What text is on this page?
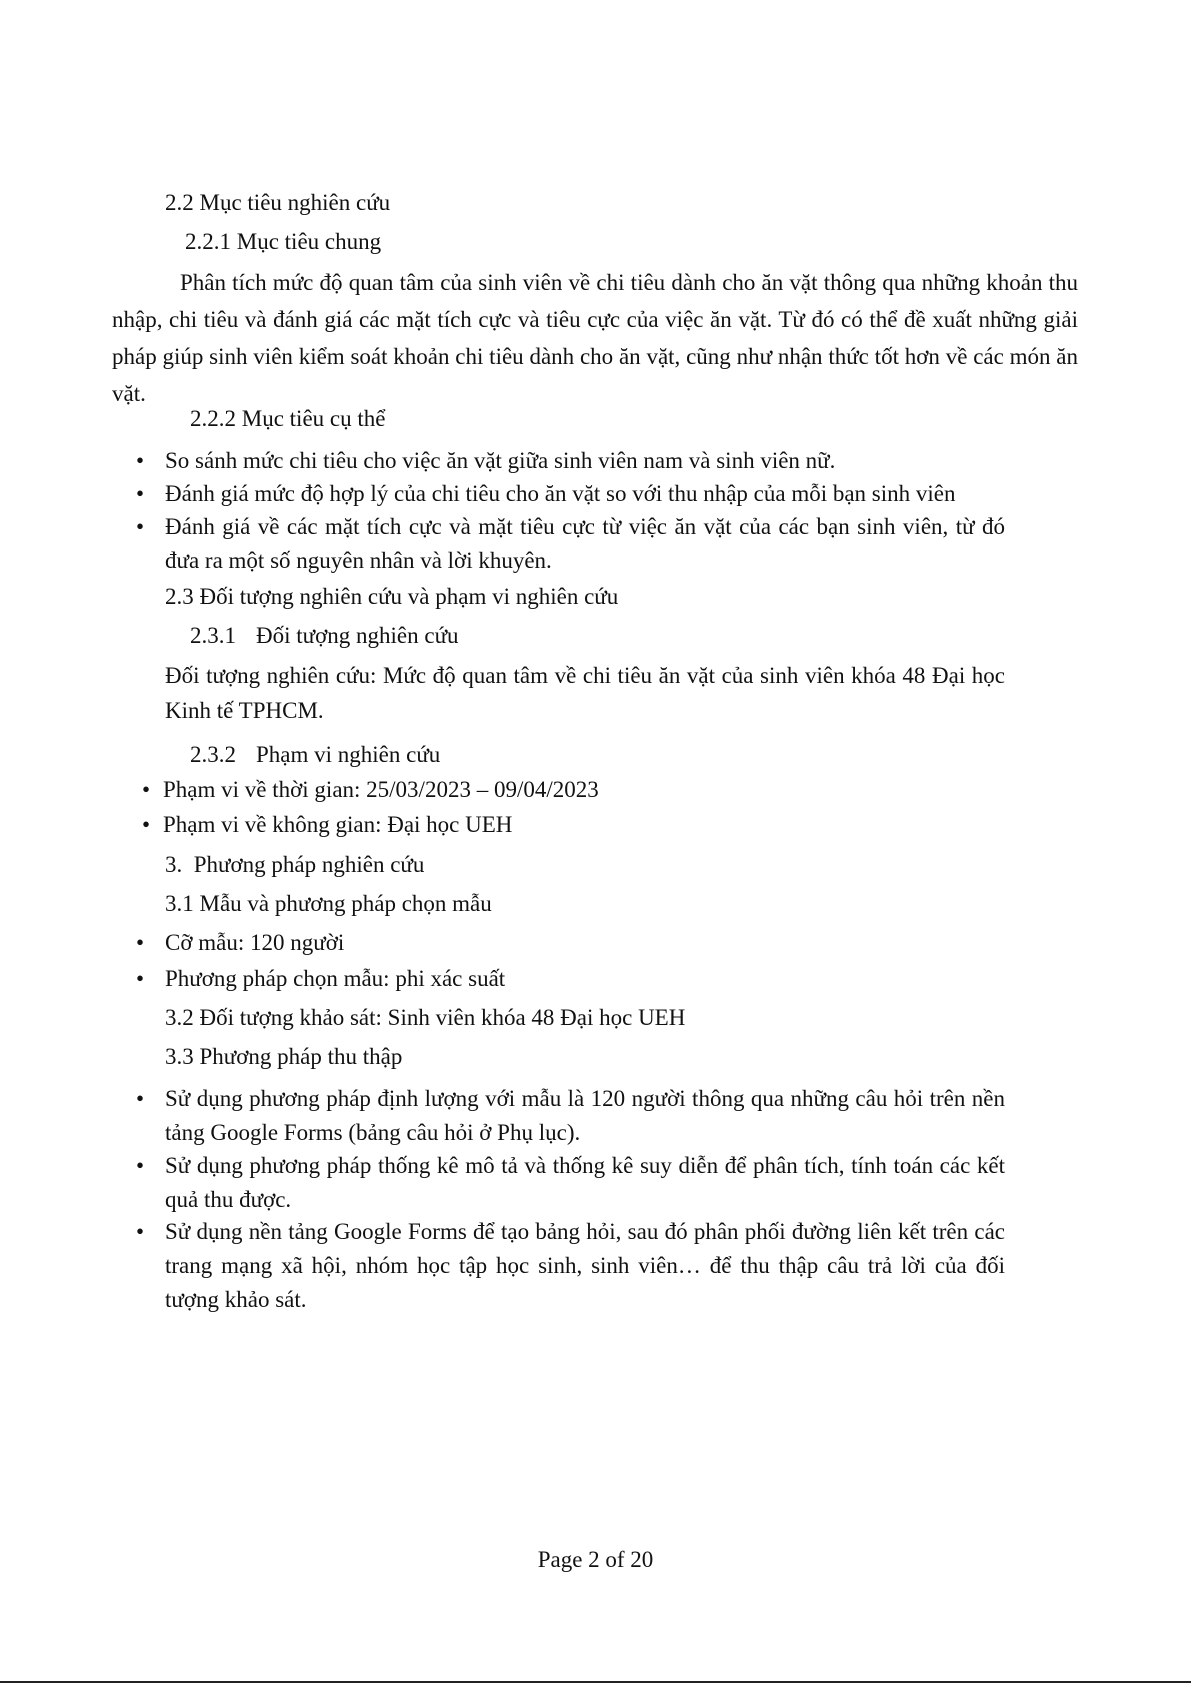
2.2 Mục tiêu nghiên cứu
2.2.1 Mục tiêu chung
Phân tích mức độ quan tâm của sinh viên về chi tiêu dành cho ăn vặt thông qua những khoản thu nhập, chi tiêu và đánh giá các mặt tích cực và tiêu cực của việc ăn vặt. Từ đó có thể đề xuất những giải pháp giúp sinh viên kiểm soát khoản chi tiêu dành cho ăn vặt, cũng như nhận thức tốt hơn về các món ăn vặt.
2.2.2 Mục tiêu cụ thể
• So sánh mức chi tiêu cho việc ăn vặt giữa sinh viên nam và sinh viên nữ.
• Đánh giá mức độ hợp lý của chi tiêu cho ăn vặt so với thu nhập của mỗi bạn sinh viên
• Đánh giá về các mặt tích cực và mặt tiêu cực từ việc ăn vặt của các bạn sinh viên, từ đó đưa ra một số nguyên nhân và lời khuyên.
2.3 Đối tượng nghiên cứu và phạm vi nghiên cứu
2.3.1 Đối tượng nghiên cứu
Đối tượng nghiên cứu: Mức độ quan tâm về chi tiêu ăn vặt của sinh viên khóa 48 Đại học Kinh tế TPHCM.
2.3.2 Phạm vi nghiên cứu
• Phạm vi về thời gian: 25/03/2023 – 09/04/2023
• Phạm vi về không gian: Đại học UEH
3.  Phương pháp nghiên cứu
3.1 Mẫu và phương pháp chọn mẫu
• Cỡ mẫu: 120 người
• Phương pháp chọn mẫu: phi xác suất
3.2 Đối tượng khảo sát: Sinh viên khóa 48 Đại học UEH
3.3 Phương pháp thu thập
• Sử dụng phương pháp định lượng với mẫu là 120 người thông qua những câu hỏi trên nền tảng Google Forms (bảng câu hỏi ở Phụ lục).
• Sử dụng phương pháp thống kê mô tả và thống kê suy diễn để phân tích, tính toán các kết quả thu được.
• Sử dụng nền tảng Google Forms để tạo bảng hỏi, sau đó phân phối đường liên kết trên các trang mạng xã hội, nhóm học tập học sinh, sinh viên… để thu thập câu trả lời của đối tượng khảo sát.
Page 2 of 20
